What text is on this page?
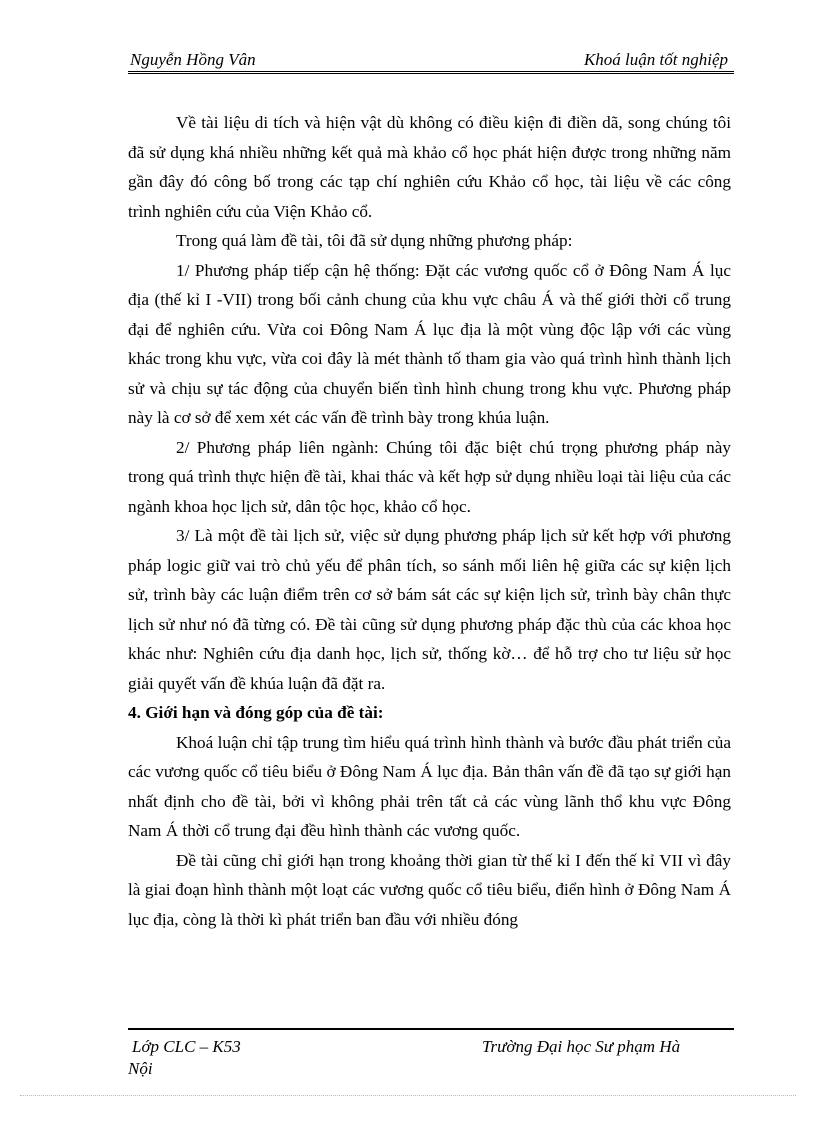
Nguyễn Hồng Vân	Khoá luận tốt nghiệp

Về tài liệu di tích và hiện vật dù không có điều kiện đi điền dã, song chúng tôi đã sử dụng khá nhiều những kết quả mà khảo cổ học phát hiện được trong những năm gần đây đó công bố trong các tạp chí nghiên cứu Khảo cổ học, tài liệu về các công trình nghiên cứu của Viện Khảo cổ.

Trong quá làm đề tài, tôi đã sử dụng những phương pháp:

1/ Phương pháp tiếp cận hệ thống: Đặt các vương quốc cổ ở Đông Nam Á lục địa (thế kỉ I -VII) trong bối cảnh chung của khu vực châu Á và thế giới thời cổ trung đại để nghiên cứu. Vừa coi Đông Nam Á lục địa là một vùng độc lập với các vùng khác trong khu vực, vừa coi đây là mét thành tố tham gia vào quá trình hình thành lịch sử và chịu sự tác động của chuyển biến tình hình chung trong khu vực. Phương pháp này là cơ sở để xem xét các vấn đề trình bày trong khúa luận.

2/ Phương pháp liên ngành: Chúng tôi đặc biệt chú trọng phương pháp này trong quá trình thực hiện đề tài, khai thác và kết hợp sử dụng nhiều loại tài liệu của các ngành khoa học lịch sử, dân tộc học, khảo cổ học.

3/ Là một đề tài lịch sử, việc sử dụng phương pháp lịch sử kết hợp với phương pháp logic giữ vai trò chủ yếu để phân tích, so sánh mối liên hệ giữa các sự kiện lịch sử, trình bày các luận điểm trên cơ sở bám sát các sự kiện lịch sử, trình bày chân thực lịch sử như nó đã từng có. Đề tài cũng sử dụng phương pháp đặc thù của các khoa học khác như: Nghiên cứu địa danh học, lịch sử, thống kờ… để hỗ trợ cho tư liệu sử học giải quyết vấn đề khúa luận đã đặt ra.

4. Giới hạn và đóng góp của đề tài:

Khoá luận chỉ tập trung tìm hiểu quá trình hình thành và bước đầu phát triển của các vương quốc cổ tiêu biểu ở Đông Nam Á lục địa. Bản thân vấn đề đã tạo sự giới hạn nhất định cho đề tài, bởi vì không phải trên tất cả các vùng lãnh thổ khu vực Đông Nam Á thời cổ trung đại đều hình thành các vương quốc.

Đề tài cũng chỉ giới hạn trong khoảng thời gian từ thế kỉ I đến thế kỉ VII vì đây là giai đoạn hình thành một loạt các vương quốc cổ tiêu biểu, điển hình ở Đông Nam Á lục địa, còng là thời kì phát triển ban đầu với nhiều đóng

Lớp CLC – K53	Trường Đại học Sư phạm Hà
Nội
